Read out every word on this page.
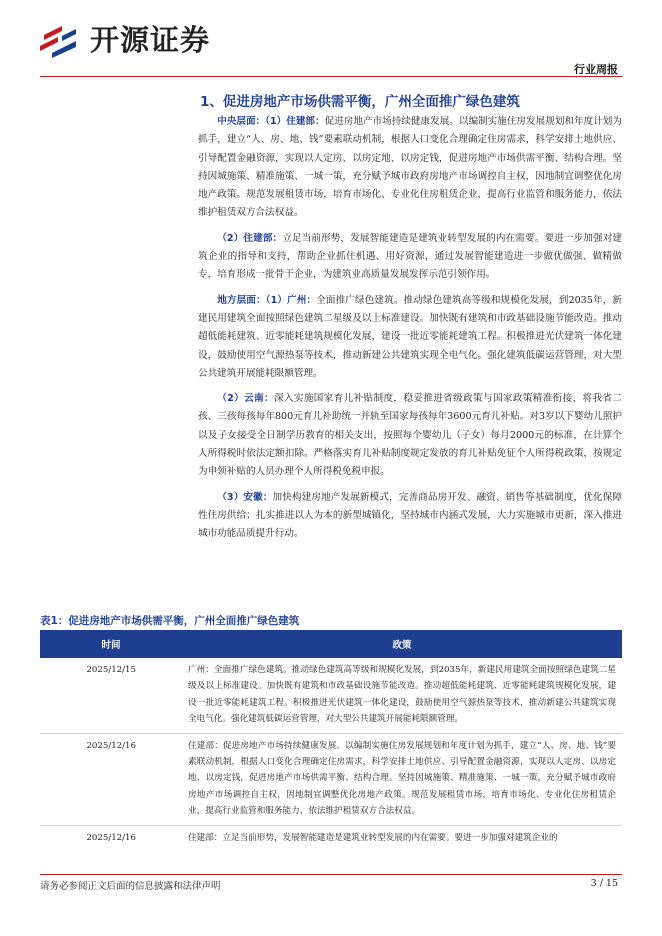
开源证券
行业周报
1、促进房地产市场供需平衡，广州全面推广绿色建筑

中央层面：（1）住建部：促进房地产市场持续健康发展。以编制实施住房发展规划和年度计划为抓手，建立“人、房、地、钱”要素联动机制，根据人口变化合理确定住房需求，科学安排土地供应、引导配置金融资源，实现以人定房、以房定地、以房定钱，促进房地产市场供需平衡、结构合理。坚持因城施策、精准施策、一城一策，充分赋予城市政府房地产市场调控自主权，因地制宜调整优化房地产政策。规范发展租赁市场，培育市场化、专业化住房租赁企业，提高行业监管和服务能力，依法维护租赁双方合法权益。

（2）住建部：立足当前形势，发展智能建造是建筑业转型发展的内在需要。要进一步加强对建筑企业的指导和支持，帮助企业抓住机遇、用好资源，通过发展智能建造进一步做优做强、做精做专，培育形成一批骨干企业，为建筑业高质量发展发挥示范引领作用。

地方层面：（1）广州：全面推广绿色建筑。推动绿色建筑高等级和规模化发展，到2035年，新建民用建筑全面按照绿色建筑二星级及以上标准建设。加快既有建筑和市政基础设施节能改造。推动超低能耗建筑、近零能耗建筑规模化发展，建设一批近零能耗建筑工程。积极推进光伏建筑一体化建设，鼓励使用空气源热泵等技术，推动新建公共建筑实现全电气化。强化建筑低碳运营管理，对大型公共建筑开展能耗限额管理。

（2）云南：深入实施国家育儿补贴制度，稳妥推进省级政策与国家政策精准衔接，将我省二孩、三孩每孩每年800元育儿补助统一并轨至国家每孩每年3600元育儿补贴。对3岁以下婴幼儿照护以及子女接受全日制学历教育的相关支出，按照每个婴幼儿（子女）每月2000元的标准，在计算个人所得税时依法定额扣除。严格落实育儿补贴制度规定发放的育儿补贴免征个人所得税政策，按规定为申领补贴的人员办理个人所得税免税申报。

（3）安徽：加快构建房地产发展新模式，完善商品房开发、融资、销售等基础制度，优化保障性住房供给；扎实推进以人为本的新型城镇化，坚持城市内涵式发展，大力实施城市更新，深入推进城市功能品质提升行动。

表1：促进房地产市场供需平衡，广州全面推广绿色建筑
时间	政策
2025/12/15	广州：全面推广绿色建筑。推动绿色建筑高等级和规模化发展，到2035年，新建民用建筑全面按照绿色建筑二星级及以上标准建设。加快既有建筑和市政基础设施节能改造。推动超低能耗建筑、近零能耗建筑规模化发展，建设一批近零能耗建筑工程。积极推进光伏建筑一体化建设，鼓励使用空气源热泵等技术，推动新建公共建筑实现全电气化。强化建筑低碳运营管理，对大型公共建筑开展能耗限额管理。
2025/12/16	住建部：促进房地产市场持续健康发展。以编制实施住房发展规划和年度计划为抓手，建立“人、房、地、钱”要素联动机制，根据人口变化合理确定住房需求，科学安排土地供应、引导配置金融资源，实现以人定房、以房定地、以房定钱，促进房地产市场供需平衡、结构合理。坚持因城施策、精准施策、一城一策，充分赋予城市政府房地产市场调控自主权，因地制宜调整优化房地产政策。规范发展租赁市场，培育市场化、专业化住房租赁企业，提高行业监管和服务能力，依法维护租赁双方合法权益。
2025/12/16	住建部：立足当前形势，发展智能建造是建筑业转型发展的内在需要。要进一步加强对建筑企业的
请务必参阅正文后面的信息披露和法律声明	3 / 15
